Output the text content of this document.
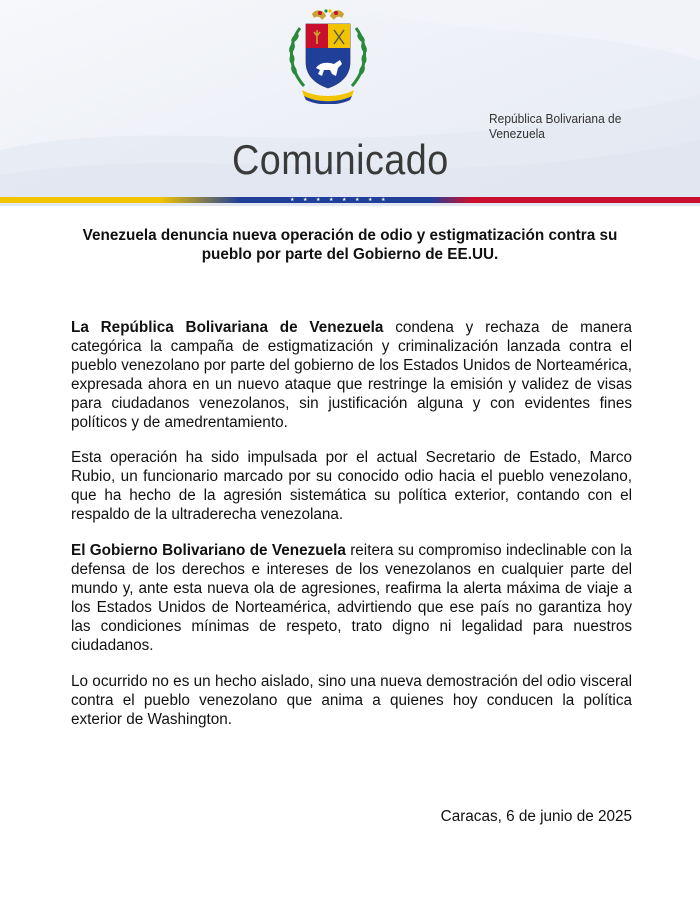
República Bolivariana de Venezuela
Comunicado
★ ★ ★ ★ ★ ★ ★ ★
Venezuela denuncia nueva operación de odio y estigmatización contra su pueblo por parte del Gobierno de EE.UU.
La República Bolivariana de Venezuela condena y rechaza de manera categórica la campaña de estigmatización y criminalización lanzada contra el pueblo venezolano por parte del gobierno de los Estados Unidos de Norteamérica, expresada ahora en un nuevo ataque que restringe la emisión y validez de visas para ciudadanos venezolanos, sin justificación alguna y con evidentes fines políticos y de amedrentamiento.
Esta operación ha sido impulsada por el actual Secretario de Estado, Marco Rubio, un funcionario marcado por su conocido odio hacia el pueblo venezolano, que ha hecho de la agresión sistemática su política exterior, contando con el respaldo de la ultraderecha venezolana.
El Gobierno Bolivariano de Venezuela reitera su compromiso indeclinable con la defensa de los derechos e intereses de los venezolanos en cualquier parte del mundo y, ante esta nueva ola de agresiones, reafirma la alerta máxima de viaje a los Estados Unidos de Norteamérica, advirtiendo que ese país no garantiza hoy las condiciones mínimas de respeto, trato digno ni legalidad para nuestros ciudadanos.
Lo ocurrido no es un hecho aislado, sino una nueva demostración del odio visceral contra el pueblo venezolano que anima a quienes hoy conducen la política exterior de Washington.
Caracas, 6 de junio de 2025
